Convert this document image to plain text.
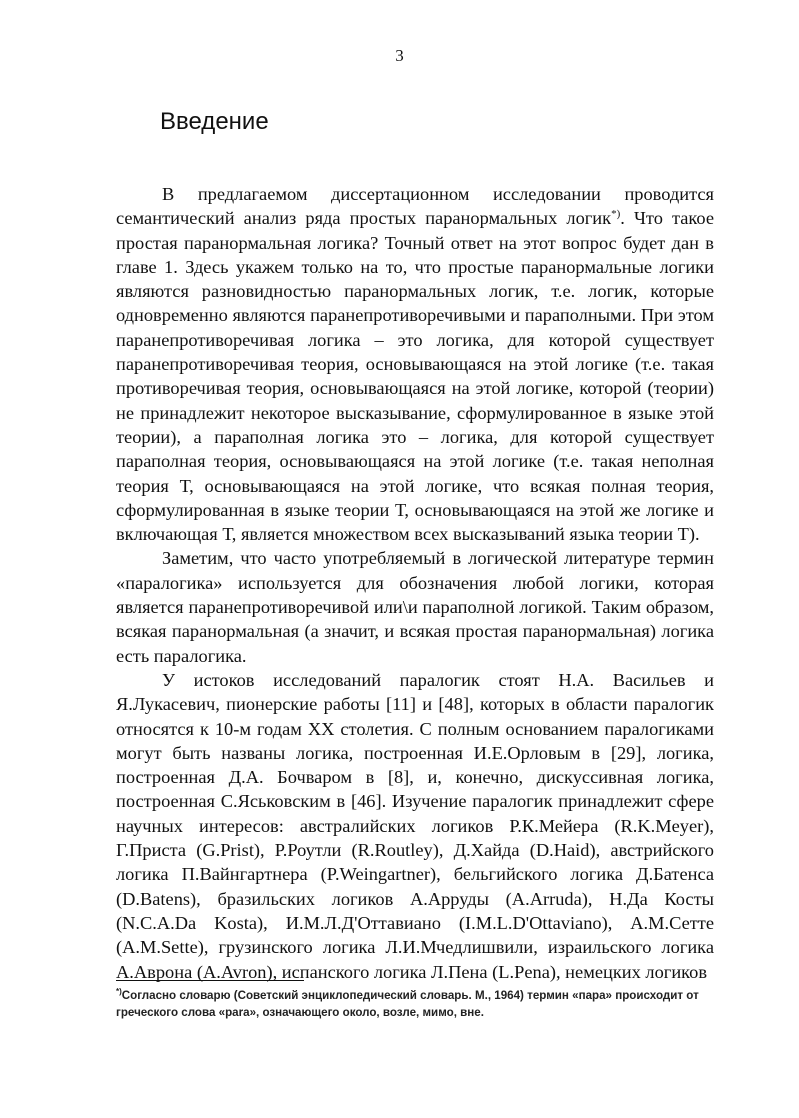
3
Введение

В предлагаемом диссертационном исследовании проводится семантический анализ ряда простых паранормальных логик*). Что такое простая паранормальная логика? Точный ответ на этот вопрос будет дан в главе 1. Здесь укажем только на то, что простые паранормальные логики являются разновидностью паранормальных логик, т.е. логик, которые одновременно являются паранепротиворечивыми и параполными. При этом паранепротиворечивая логика – это логика, для которой существует паранепротиворечивая теория, основывающаяся на этой логике (т.е. такая противоречивая теория, основывающаяся на этой логике, которой (теории) не принадлежит некоторое высказывание, сформулированное в языке этой теории), а параполная логика это – логика, для которой существует параполная теория, основывающаяся на этой логике (т.е. такая неполная теория Т, основывающаяся на этой логике, что всякая полная теория, сформулированная в языке теории Т, основывающаяся на этой же логике и включающая Т, является множеством всех высказываний языка теории Т).

Заметим, что часто употребляемый в логической литературе термин «паралогика» используется для обозначения любой логики, которая является паранепротиворечивой или\и параполной логикой. Таким образом, всякая паранормальная (а значит, и всякая простая паранормальная) логика есть паралогика.

У истоков исследований паралогик стоят Н.А. Васильев и Я.Лукасевич, пионерские работы [11] и [48], которых в области паралогик относятся к 10-м годам XX столетия. С полным основанием паралогиками могут быть названы логика, построенная И.Е.Орловым в [29], логика, построенная Д.А. Бочваром в [8], и, конечно, дискуссивная логика, построенная С.Яськовским в [46]. Изучение паралогик принадлежит сфере научных интересов: австралийских логиков Р.К.Мейера (R.K.Meyer), Г.Приста (G.Prist), Р.Роутли (R.Routley), Д.Хайда (D.Haid), австрийского логика П.Вайнгартнера (P.Weingartner), бельгийского логика Д.Батенса (D.Batens), бразильских логиков А.Арруды (A.Arruda), Н.Да Косты (N.C.A.Da Kosta), И.М.Л.Д'Оттавиано (I.M.L.D'Ottaviano), А.М.Сетте (A.M.Sette), грузинского логика Л.И.Мчедлишвили, израильского логика А.Аврона (A.Avron), испанского логика Л.Пена (L.Pena), немецких логиков

*)Согласно словарю (Советский энциклопедический словарь. М., 1964) термин «пара» происходит от греческого слова «para», означающего около, возле, мимо, вне.
